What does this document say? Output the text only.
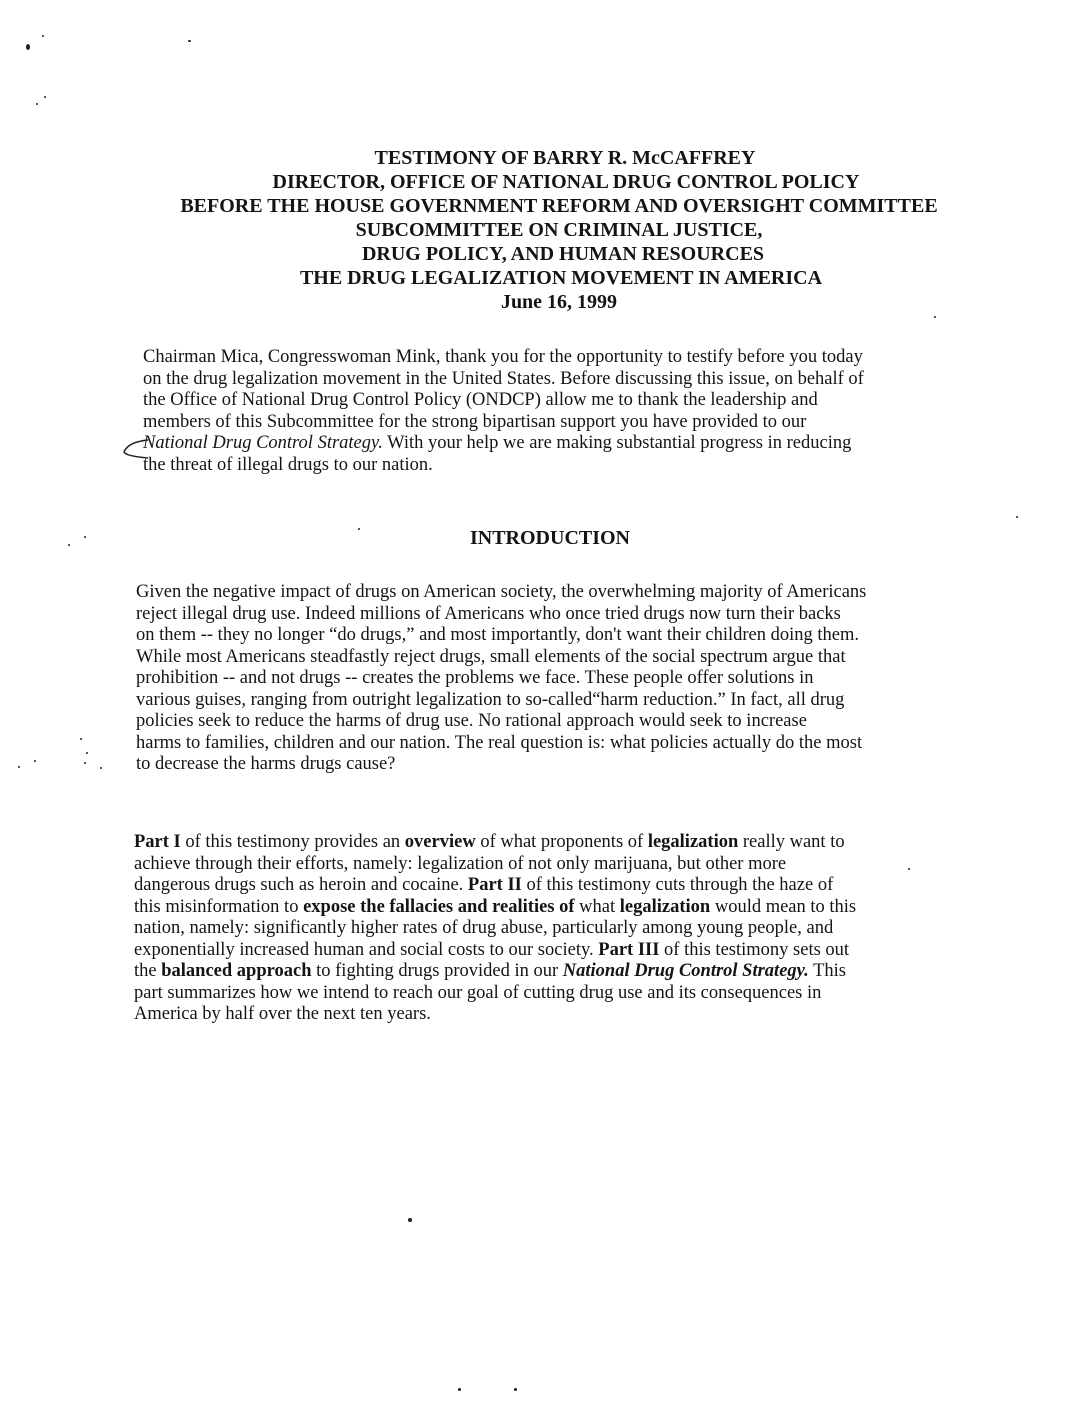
TESTIMONY OF BARRY R. McCAFFREY
DIRECTOR, OFFICE OF NATIONAL DRUG CONTROL POLICY
BEFORE THE HOUSE GOVERNMENT REFORM AND OVERSIGHT COMMITTEE
SUBCOMMITTEE ON CRIMINAL JUSTICE,
DRUG POLICY, AND HUMAN RESOURCES
THE DRUG LEGALIZATION MOVEMENT IN AMERICA
June 16, 1999
Chairman Mica, Congresswoman Mink, thank you for the opportunity to testify before you today
on the drug legalization movement in the United States. Before discussing this issue, on behalf of
the Office of National Drug Control Policy (ONDCP) allow me to thank the leadership and
members of this Subcommittee for the strong bipartisan support you have provided to our
National Drug Control Strategy. With your help we are making substantial progress in reducing
the threat of illegal drugs to our nation.
INTRODUCTION
Given the negative impact of drugs on American society, the overwhelming majority of Americans
reject illegal drug use. Indeed millions of Americans who once tried drugs now turn their backs
on them -- they no longer “do drugs,” and most importantly, don't want their children doing them.
While most Americans steadfastly reject drugs, small elements of the social spectrum argue that
prohibition -- and not drugs -- creates the problems we face. These people offer solutions in
various guises, ranging from outright legalization to so-called“harm reduction.” In fact, all drug
policies seek to reduce the harms of drug use. No rational approach would seek to increase
harms to families, children and our nation. The real question is: what policies actually do the most
to decrease the harms drugs cause?
Part I of this testimony provides an overview of what proponents of legalization really want to
achieve through their efforts, namely: legalization of not only marijuana, but other more
dangerous drugs such as heroin and cocaine. Part II of this testimony cuts through the haze of
this misinformation to expose the fallacies and realities of what legalization would mean to this
nation, namely: significantly higher rates of drug abuse, particularly among young people, and
exponentially increased human and social costs to our society. Part III of this testimony sets out
the balanced approach to fighting drugs provided in our National Drug Control Strategy. This
part summarizes how we intend to reach our goal of cutting drug use and its consequences in
America by half over the next ten years.
